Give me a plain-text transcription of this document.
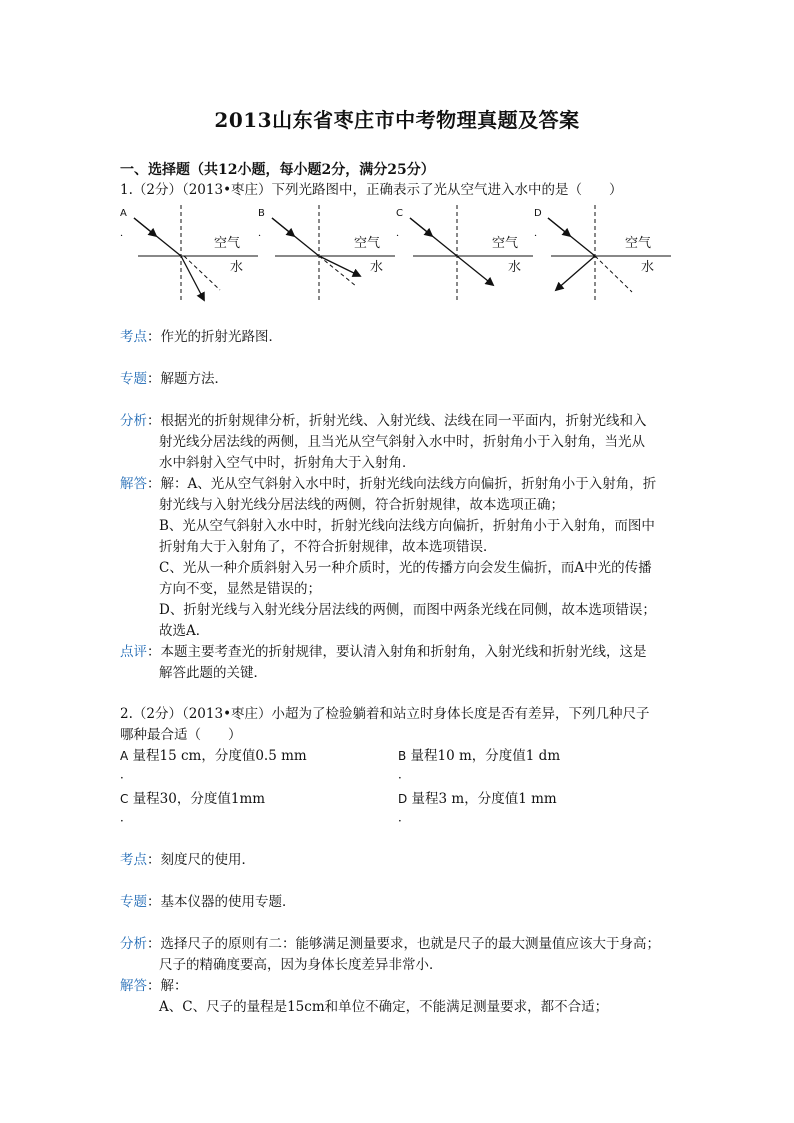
2013山东省枣庄市中考物理真题及答案
一、选择题（共12小题，每小题2分，满分25分）
1.（2分）（2013•枣庄）下列光路图中，正确表示了光从空气进入水中的是（　　）
A
．
空气
水
B
．
空气
水
C
．
空气
水
D
．
空气
水
考点：作光的折射光路图．
专题：解题方法．
分析：根据光的折射规律分析，折射光线、入射光线、法线在同一平面内，折射光线和入
射光线分居法线的两侧，且当光从空气斜射入水中时，折射角小于入射角，当光从
水中斜射入空气中时，折射角大于入射角．
解答：解：A、光从空气斜射入水中时，折射光线向法线方向偏折，折射角小于入射角，折
射光线与入射光线分居法线的两侧，符合折射规律，故本选项正确；
B、光从空气斜射入水中时，折射光线向法线方向偏折，折射角小于入射角，而图中
折射角大于入射角了，不符合折射规律，故本选项错误．
C、光从一种介质斜射入另一种介质时，光的传播方向会发生偏折，而A中光的传播
方向不变，显然是错误的；
D、折射光线与入射光线分居法线的两侧，而图中两条光线在同侧，故本选项错误；
故选A．
点评：本题主要考查光的折射规律，要认清入射角和折射角，入射光线和折射光线，这是
解答此题的关键．
2.（2分）（2013•枣庄）小超为了检验躺着和站立时身体长度是否有差异，下列几种尺子
哪种最合适（　　）
A 量程15 cm，分度值0.5 mm
．
B 量程10 m，分度值1 dm
．
C 量程30，分度值1mm
．
D 量程3 m，分度值1 mm
．
考点：刻度尺的使用．
专题：基本仪器的使用专题．
分析：选择尺子的原则有二：能够满足测量要求，也就是尺子的最大测量值应该大于身高；
尺子的精确度要高，因为身体长度差异非常小．
解答：解：
A、C、尺子的量程是15cm和单位不确定，不能满足测量要求，都不合适；
